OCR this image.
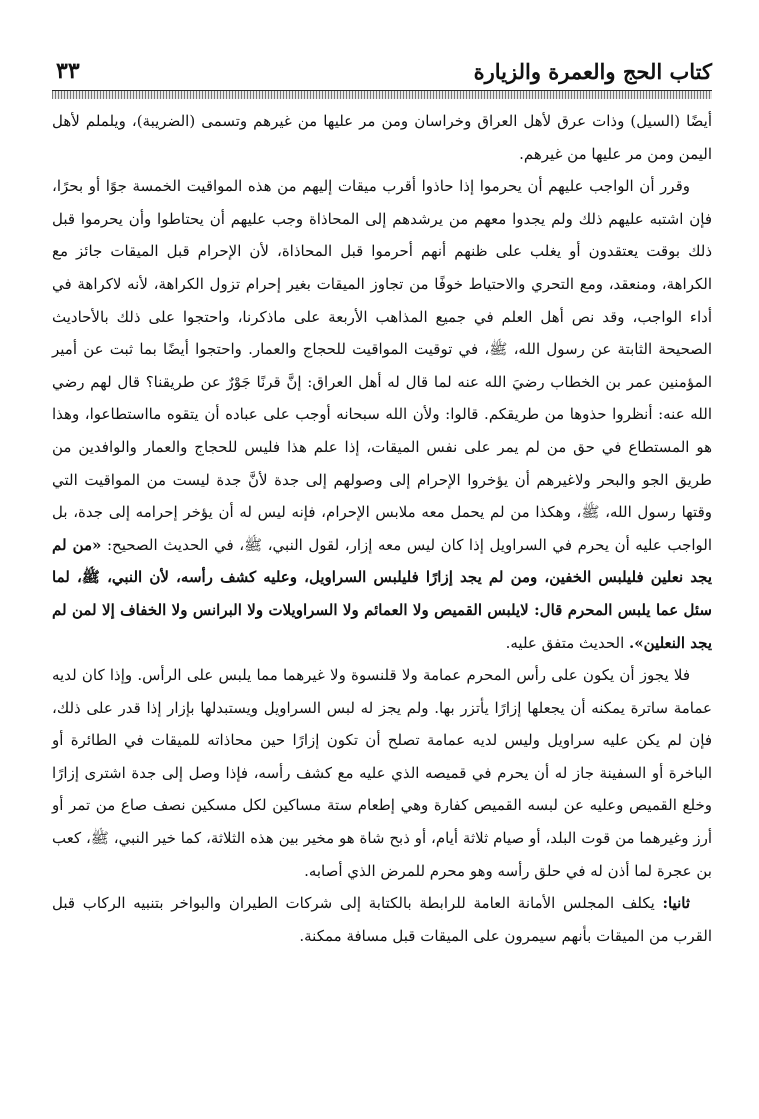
كتاب الحج والعمرة والزيارة
٣٣

أيضًا (السيل) وذات عرق لأهل العراق وخراسان ومن مر عليها من غيرهم وتسمى (الضريبة)، ويلملم لأهل اليمن ومن مر عليها من غيرهم.

وقرر أن الواجب عليهم أن يحرموا إذا حاذوا أقرب ميقات إليهم من هذه المواقيت الخمسة جوًا أو بحرًا، فإن اشتبه عليهم ذلك ولم يجدوا معهم من يرشدهم إلى المحاذاة وجب عليهم أن يحتاطوا وأن يحرموا قبل ذلك بوقت يعتقدون أو يغلب على ظنهم أنهم أحرموا قبل المحاذاة، لأن الإحرام قبل الميقات جائز مع الكراهة، ومنعقد، ومع التحري والاحتياط خوفًا من تجاوز الميقات بغير إحرام تزول الكراهة، لأنه لاكراهة في أداء الواجب، وقد نص أهل العلم في جميع المذاهب الأربعة على ماذكرنا، واحتجوا على ذلك بالأحاديث الصحيحة الثابتة عن رسول الله، ﷺ، في توقيت المواقيت للحجاج والعمار. واحتجوا أيضًا بما ثبت عن أمير المؤمنين عمر بن الخطاب رضيَ الله عنه لما قال له أهل العراق: إنَّ قرنًا جَوْرٌ عن طريقنا؟ قال لهم رضي الله عنه: أنظروا حذوها من طريقكم. قالوا: ولأن الله سبحانه أوجب على عباده أن يتقوه مااستطاعوا، وهذا هو المستطاع في حق من لم يمر على نفس الميقات، إذا علم هذا فليس للحجاج والعمار والوافدين من طريق الجو والبحر ولاغيرهم أن يؤخروا الإحرام إلى وصولهم إلى جدة لأنَّ جدة ليست من المواقيت التي وقتها رسول الله، ﷺ، وهكذا من لم يحمل معه ملابس الإحرام، فإنه ليس له أن يؤخر إحرامه إلى جدة، بل الواجب عليه أن يحرم في السراويل إذا كان ليس معه إزار، لقول النبي، ﷺ، في الحديث الصحيح: «من لم يجد نعلين فليلبس الخفين، ومن لم يجد إزارًا فليلبس السراويل، وعليه كشف رأسه، لأن النبي، ﷺ، لما سئل عما يلبس المحرم قال: لايلبس القميص ولا العمائم ولا السراويلات ولا البرانس ولا الخفاف إلا لمن لم يجد النعلين». الحديث متفق عليه.

فلا يجوز أن يكون على رأس المحرم عمامة ولا قلنسوة ولا غيرهما مما يلبس على الرأس. وإذا كان لديه عمامة ساترة يمكنه أن يجعلها إزارًا يأتزر بها. ولم يجز له لبس السراويل ويستبدلها بإزار إذا قدر على ذلك، فإن لم يكن عليه سراويل وليس لديه عمامة تصلح أن تكون إزارًا حين محاذاته للميقات في الطائرة أو الباخرة أو السفينة جاز له أن يحرم في قميصه الذي عليه مع كشف رأسه، فإذا وصل إلى جدة اشترى إزارًا وخلع القميص وعليه عن لبسه القميص كفارة وهي إطعام ستة مساكين لكل مسكين نصف صاع من تمر أو أرز وغيرهما من قوت البلد، أو صيام ثلاثة أيام، أو ذبح شاة هو مخير بين هذه الثلاثة، كما خير النبي، ﷺ، كعب بن عجرة لما أذن له في حلق رأسه وهو محرم للمرض الذي أصابه.

ثانيا: يكلف المجلس الأمانة العامة للرابطة بالكتابة إلى شركات الطيران والبواخر بتنبيه الركاب قبل القرب من الميقات بأنهم سيمرون على الميقات قبل مسافة ممكنة.
